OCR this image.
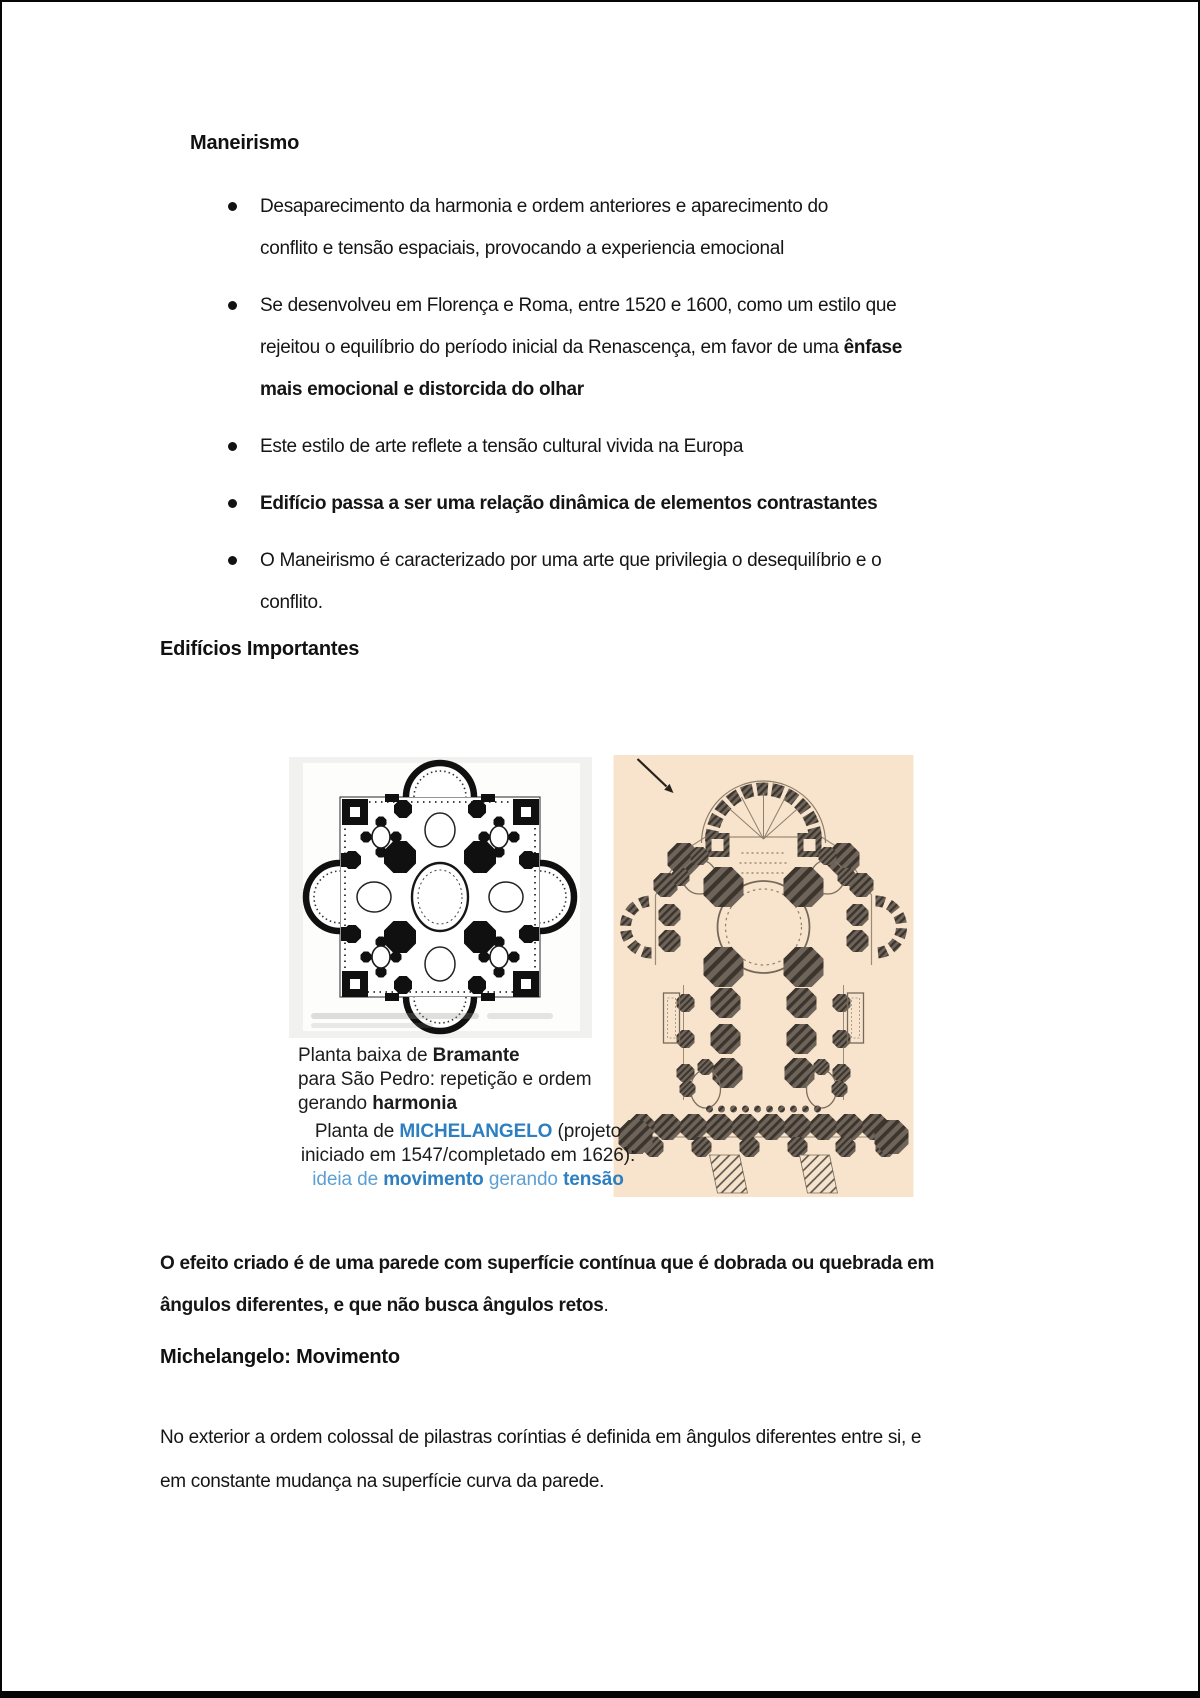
Maneirismo
Desaparecimento da harmonia e ordem anteriores e aparecimento do
conflito e tensão espaciais, provocando a experiencia emocional
Se desenvolveu em Florença e Roma, entre 1520 e 1600, como um estilo que
rejeitou o equilíbrio do período inicial da Renascença, em favor de uma ênfase
mais emocional e distorcida do olhar
Este estilo de arte reflete a tensão cultural vivida na Europa
Edifício passa a ser uma relação dinâmica de elementos contrastantes
O Maneirismo é caracterizado por uma arte que privilegia o desequilíbrio e o
conflito.
Edifícios Importantes
Planta baixa de Bramante
para São Pedro: repetição e ordem
gerando harmonia
Planta de MICHELANGELO (projeto
iniciado em 1547/completado em 1626):
ideia de movimento gerando tensão
O efeito criado é de uma parede com superfície contínua que é dobrada ou quebrada em
ângulos diferentes, e que não busca ângulos retos.
Michelangelo: Movimento
No exterior a ordem colossal de pilastras coríntias é definida em ângulos diferentes entre si, e
em constante mudança na superfície curva da parede.
